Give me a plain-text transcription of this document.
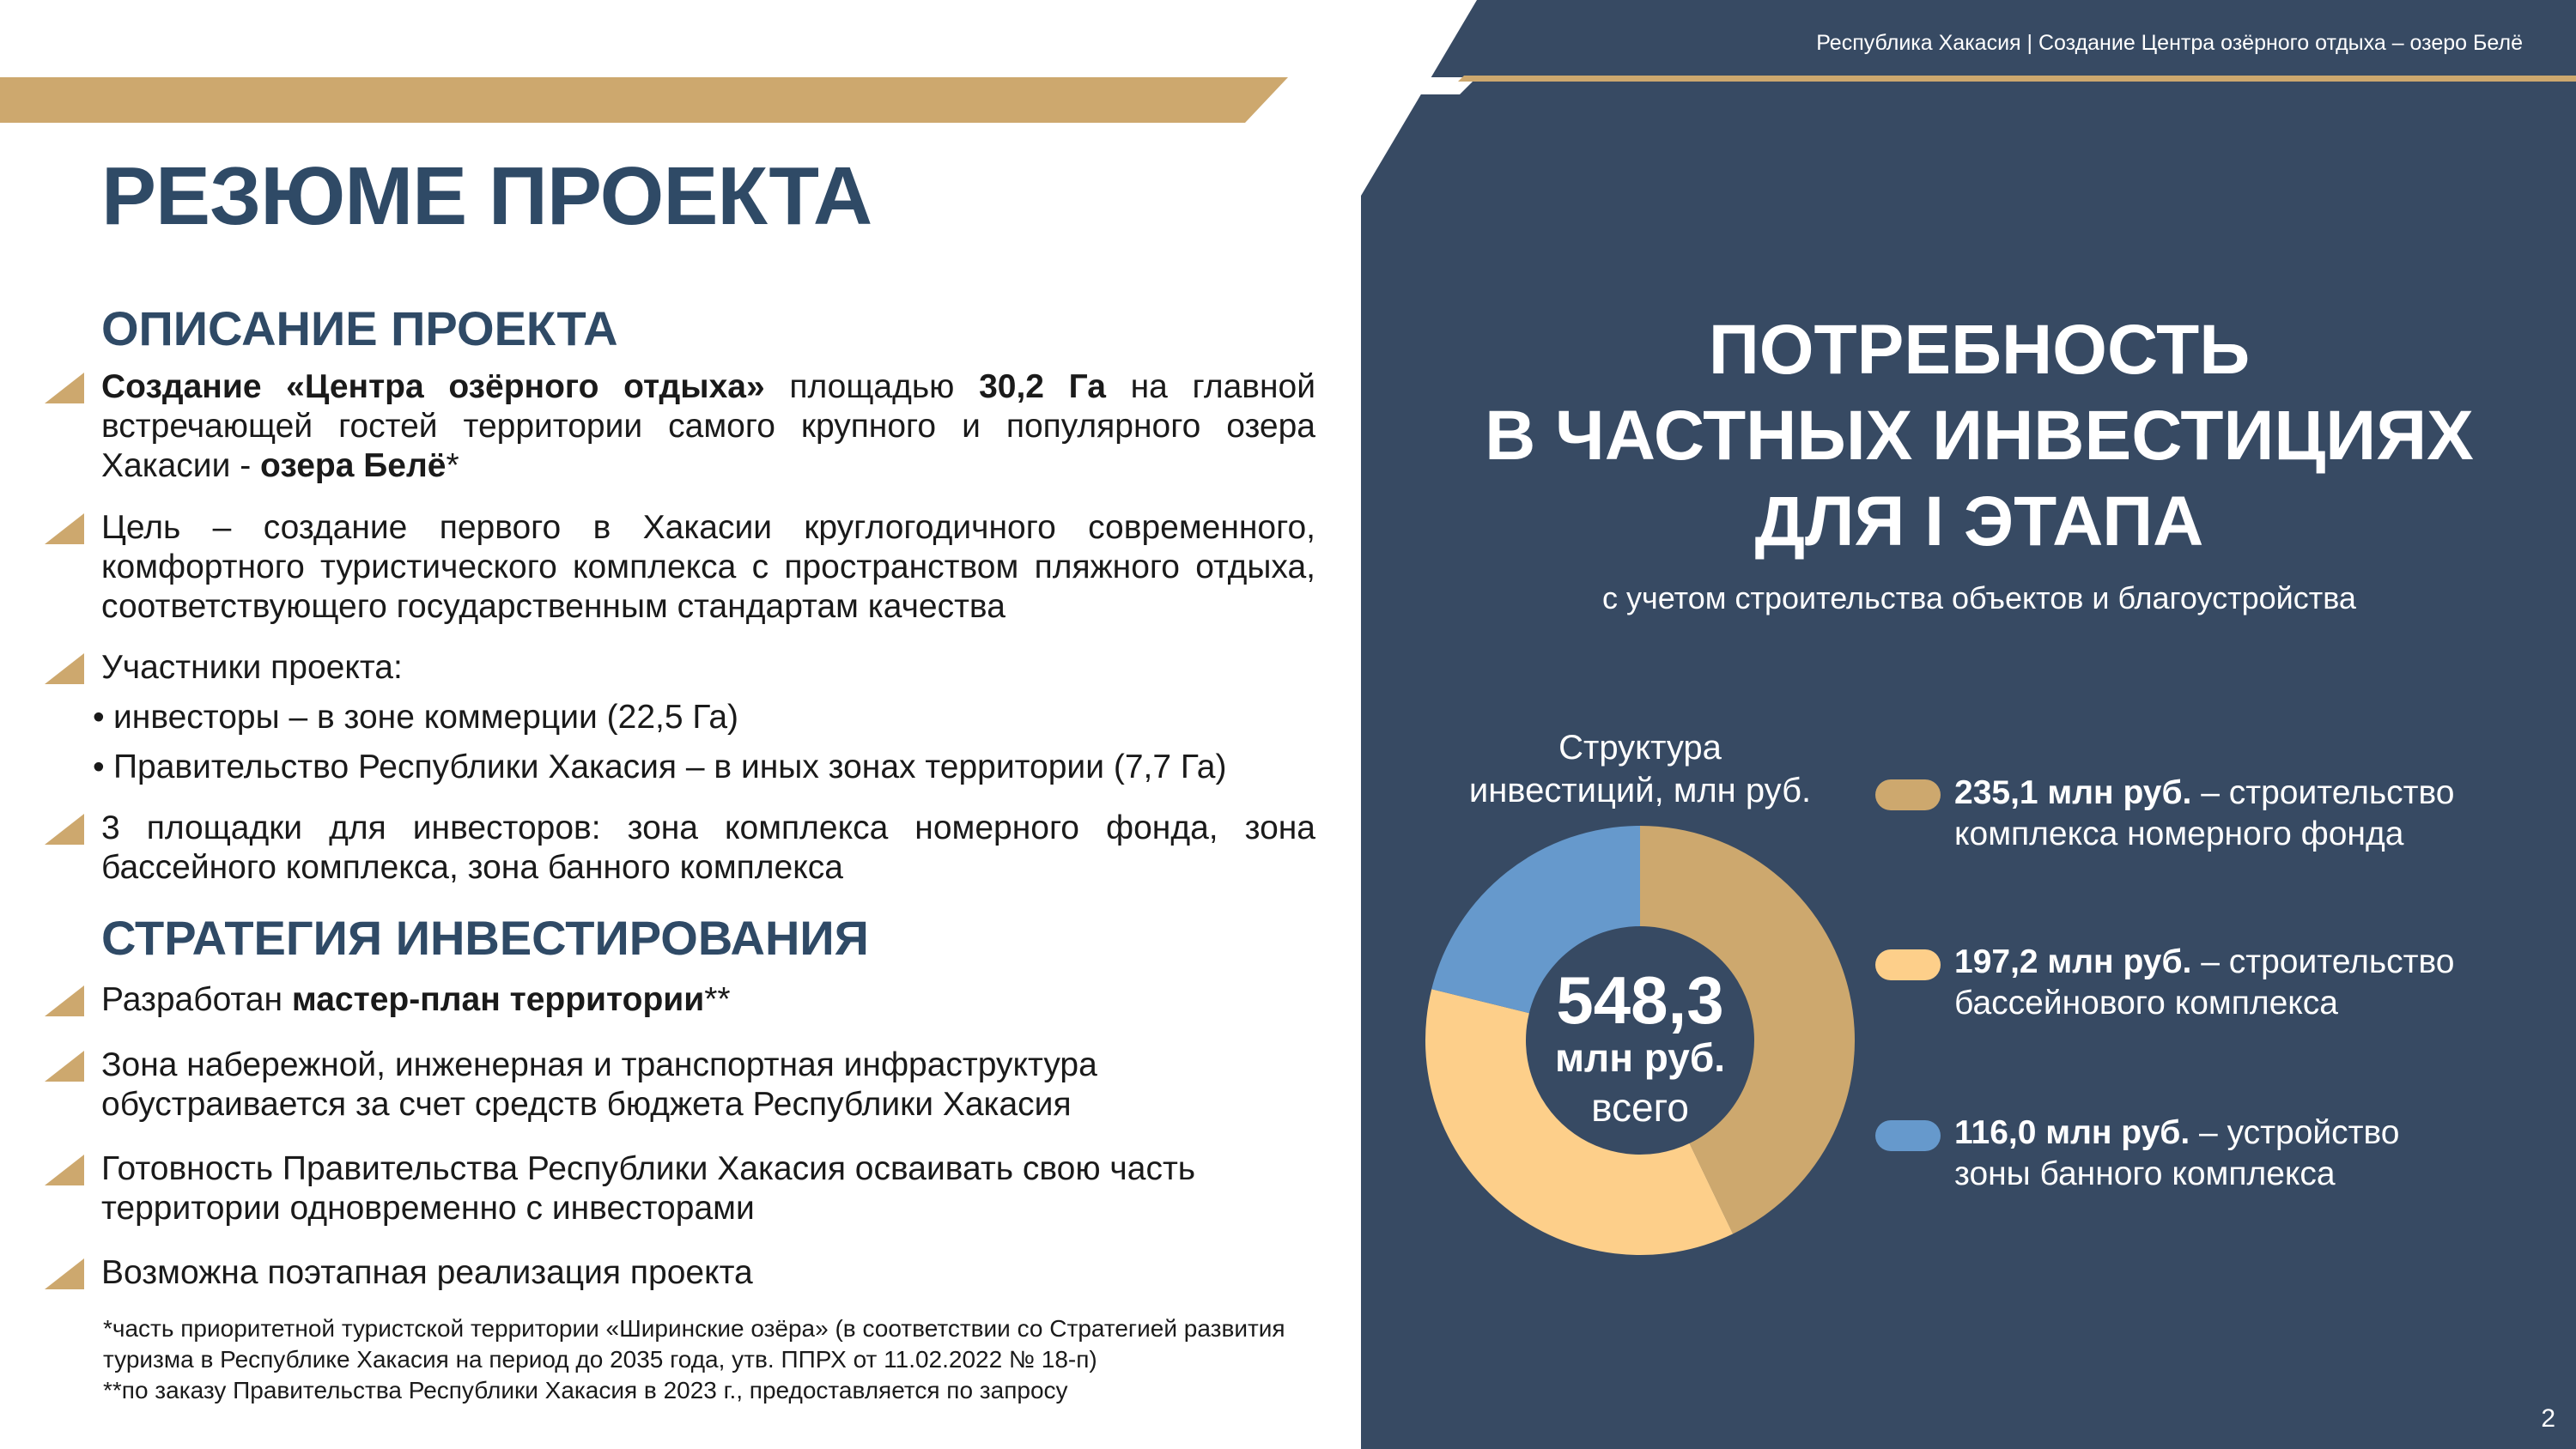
Республика Хакасия | Создание Центра озёрного отдыха – озеро Белё
РЕЗЮМЕ ПРОЕКТА
ОПИСАНИЕ ПРОЕКТА

Создание «Центра озёрного отдыха» площадью 30,2 Га на главной встречающей гостей территории самого крупного и популярного озера Хакасии - озера Белё*

Цель – создание первого в Хакасии круглогодичного современного, комфортного туристического комплекса с пространством пляжного отдыха, соответствующего государственным стандартам качества

Участники проекта:

• инвесторы – в зоне коммерции (22,5 Га)

• Правительство Республики Хакасия – в иных зонах территории (7,7 Га)

3 площадки для инвесторов: зона комплекса номерного фонда, зона бассейного комплекса, зона банного комплекса

СТРАТЕГИЯ ИНВЕСТИРОВАНИЯ

Разработан мастер-план территории**

Зона набережной, инженерная и транспортная инфраструктура обустраивается за счет средств бюджета Республики Хакасия

Готовность Правительства Республики Хакасия осваивать свою часть территории одновременно с инвесторами

Возможна поэтапная реализация проекта

*часть приоритетной туристской территории «Ширинские озёра» (в соответствии со Стратегией развития

туризма в Республике Хакасия на период до 2035 года, утв. ППРХ от 11.02.2022 № 18-п)

**по заказу Правительства Республики Хакасия в 2023 г., предоставляется по запросу

ПОТРЕБНОСТЬ
В ЧАСТНЫХ ИНВЕСТИЦИЯХ
ДЛЯ I ЭТАПА

с учетом строительства объектов и благоустройства

Структура
инвестиций, млн руб.

548,3
млн руб.
всего

235,1 млн руб. – строительство
комплекса номерного фонда

197,2 млн руб. – строительство
бассейнового комплекса

116,0 млн руб. – устройство
зоны банного комплекса

2
